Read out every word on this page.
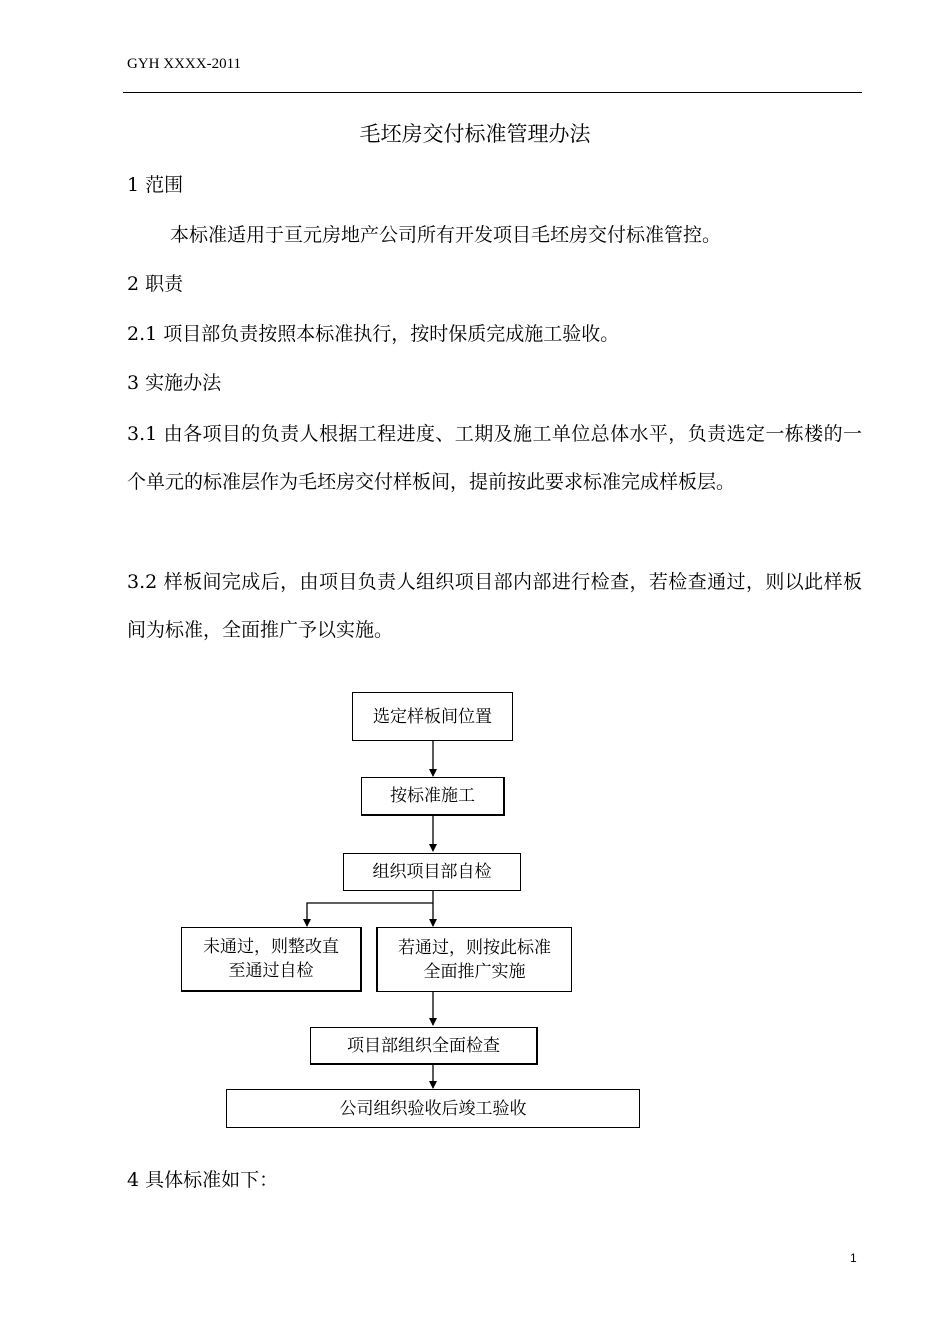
GYH XXXX-2011
毛坯房交付标准管理办法
1 范围
本标准适用于亘元房地产公司所有开发项目毛坯房交付标准管控。
2 职责
2.1 项目部负责按照本标准执行，按时保质完成施工验收。
3 实施办法
3.1 由各项目的负责人根据工程进度、工期及施工单位总体水平，负责选定一栋楼的一个单元的标准层作为毛坯房交付样板间，提前按此要求标准完成样板层。
3.2 样板间完成后，由项目负责人组织项目部内部进行检查，若检查通过，则以此样板间为标准，全面推广予以实施。
选定样板间位置
按标准施工
组织项目部自检
未通过，则整改直
至通过自检
若通过，则按此标准
全面推广实施
项目部组织全面检查
公司组织验收后竣工验收
4 具体标准如下：
1
